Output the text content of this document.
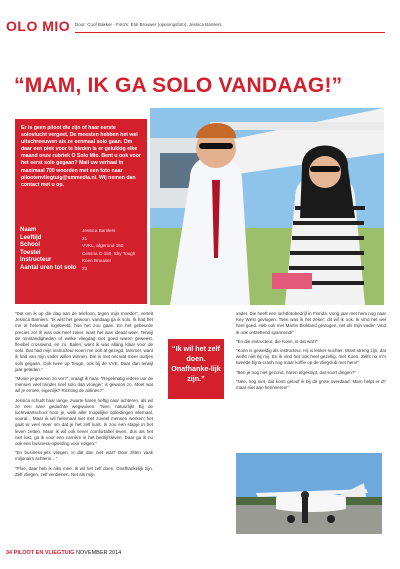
OLO MIO Door: Coof Bakker · Foto's: Erik Brouwer (openingsfoto), Jessica Bamlers
“MAM, IK GA SOLO VANDAAG!”
Er is geen piloot die zijn of haar eerste solovlucht vergeet. De meesten hebben het wel uitschreeuwen als ze eenmaal solo gaan. Om daar een plek voor te bieden is er gelukkig elke maand onze rubriek O Solo Mio. Bent u ook voor het eerst solo gegaan? Mail uw verhaal in maximaal 700 woorden met een foto naar pilootenvliegtuig@xmmedia.nl. Wij nemen dan contact met u op.
Naam	Jessica Bamlers
Leeftijd	21
School	VVKL, afgerond 150
Toestel	Cessna C-150, Sky Tough
Instructeur	Koen Brouwer
Aantal uren tot solo	23
“Ik wil het zelf doen. Onafhanke-lijk zijn.”

“Dat om ik op die dag aan de telefoon, tegen mijn moeder”, vertelt Jessica Bamlers. “Ik wist het gewoon, vandaag ga ik solo. Ik had het me al helemaal ingebeeld, hoe het zou gaan. En het gebeurde precies zo! Ik was ook heel zeker, want het was ideaal weer. Terwijl de omstandigheden of welke vliegdag niet goed waren geweest, flexibel crosswind, en zo. Balen, want ik was allang klaar voor de solo. Dat had mijn instructeur Koen me ook al gezegd, tammer, want ik had van mijn vader willen winnen. Die is met net wat meer uurtjes solo gegaan. Ook twee op Teuge, ook bij de VVK. Daar dan terwijl jaar geleden.”

“Mooie je gewoon zo ver?”, vraagt ik haar. “Regelmatig iedere uur de mensen veel minder snel solo dan vroeger; is gewoon zo. Moet wat wil je ermee, eigenlijk? Richting de airlines?”

Jessica schudt haar lange, zwarte haren heftig naar achteren, als wil ze een nare gedachte wegwuiven. “Nee, natuurlijk! Bij de luchtvaartschool hoor je, welk aller mogelijke opleidingen allemaal, vooral... Maar ik wil helemaal niet met zoveel mensen werken; het gaat er veel meer om dat je het zelf kunt. Ik zou een stapje in het leven zetten. Maar ik wil ook liever comfortabel leven, dus als het niet lukt, ga ik voor een carrière in het bedrijfsleven. Daar ga ik nu ook een business-opleiding voor volgen.”

“En business-jets vliegen, is dat dan niet wat? Door zitten vaak miljonairs achterin…”

“Pfoe, daar heb ik niks mee. Ik wil het zelf doen. Onafhankelijk zijn. Zelf vliegen, zelf verdienen. Net als mijn

vader. Die heeft een luchtfotobedrijf in Florida. Vorig jaar met hem nog naar Key West gevlogen. Toen was ik het zeker: dit wil ik ook. Ik vind het wel heel goed. Heb ook met Martin Blokland gevlogen, net als mijn vader. Vind ik ook ontzettend spannend!”

“En die instructeur, die Koen, is dat wat?”

“Koen is geweldig als instructeur. Hij is lekker nuchter. Want streng zijn, dat werkt niet bij mij. En ik vind het ook heel gezellig, met Koen. Zelfs na m'n tweede bijna-crash nog maar koffie op de vliegclub met hem!”

“Ben je nog niet gezond, haren afgeknipt, dat soort dingen?”

“Nee, nog niet, dat komt geloof ik bij de grote overdaad. Mam helpt er d'r maar niet aan herinneren!”

34 PILOOT EN VLIEGTUIG NOVEMBER 2014
